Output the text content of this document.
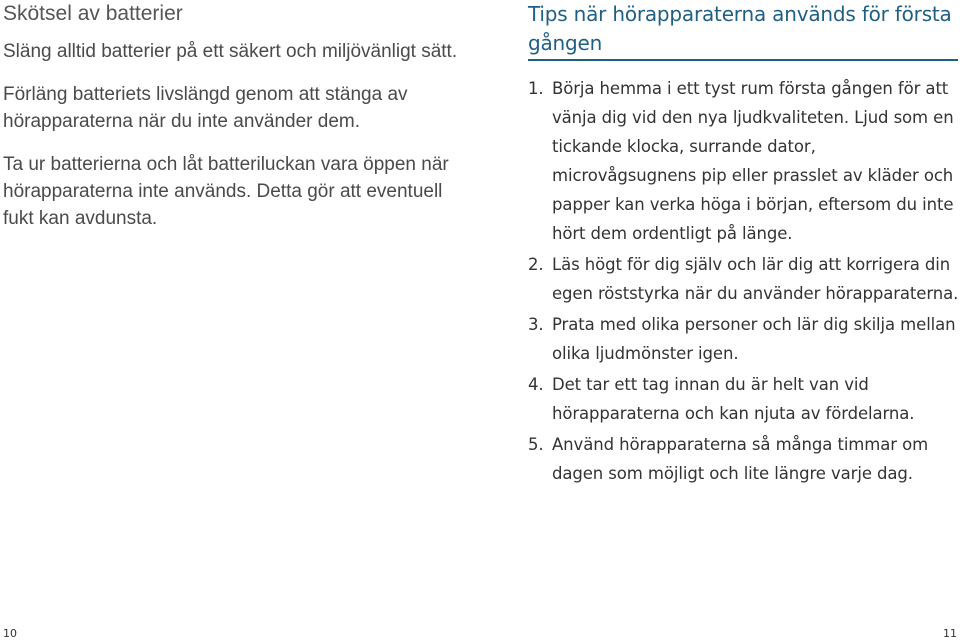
Skötsel av batterier

Släng alltid batterier på ett säkert och miljövänligt sätt.

Förläng batteriets livslängd genom att stänga av hörapparaterna när du inte använder dem.

Ta ur batterierna och låt batteriluckan vara öppen när hörapparaterna inte används. Detta gör att eventuell fukt kan avdunsta.

Tips när hörapparaterna används för första gången
1. Börja hemma i ett tyst rum första gången för att vänja dig vid den nya ljudkvaliteten. Ljud som en tickande klocka, surrande dator, microvågsugnens pip eller prasslet av kläder och papper kan verka höga i början, eftersom du inte hört dem ordentligt på länge.
2. Läs högt för dig själv och lär dig att korrigera din egen röststyrka när du använder hörapparaterna.
3. Prata med olika personer och lär dig skilja mellan olika ljudmönster igen.
4. Det tar ett tag innan du är helt van vid hörapparaterna och kan njuta av fördelarna.
5. Använd hörapparaterna så många timmar om dagen som möjligt och lite längre varje dag.
10	11
